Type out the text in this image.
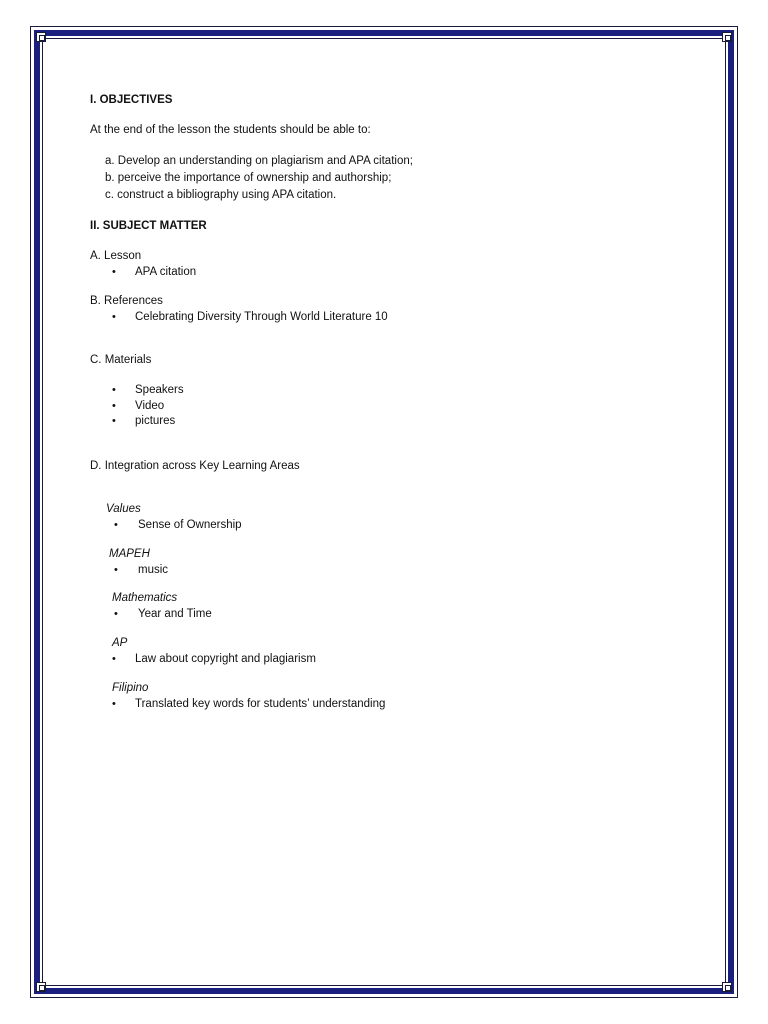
I. OBJECTIVES
At the end of the lesson the students should be able to:
a. Develop an understanding on plagiarism and APA citation;
b. perceive the importance of ownership and authorship;
c. construct a bibliography using APA citation.
II. SUBJECT MATTER
A. Lesson
• APA citation
B. References
• Celebrating Diversity Through World Literature 10
C. Materials
• Speakers
• Video
• pictures
D. Integration across Key Learning Areas
Values
• Sense of Ownership
MAPEH
• music
Mathematics
• Year and Time
AP
• Law about copyright and plagiarism
Filipino
• Translated key words for students’ understanding
